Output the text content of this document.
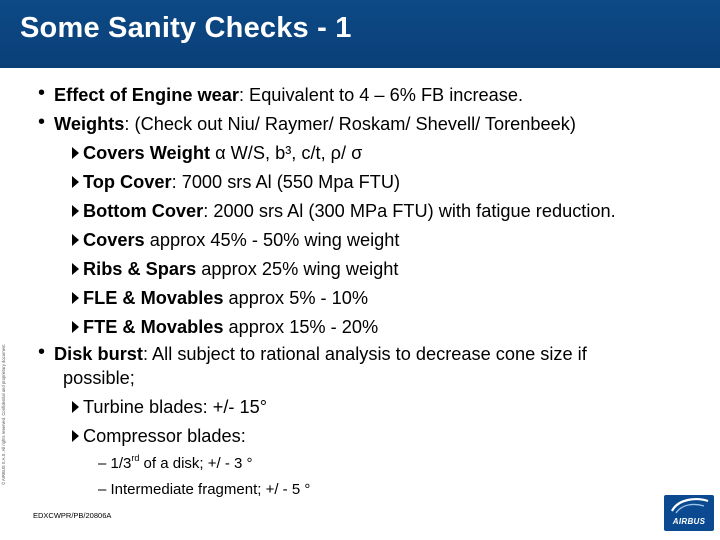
Some Sanity Checks - 1
© AIRBUS S.A.S. All rights reserved. Confidential and proprietary document.
• Effect of Engine wear: Equivalent to 4 – 6% FB increase.
• Weights: (Check out Niu/ Raymer/ Roskam/ Shevell/ Torenbeek)
Covers Weight α W/S, b³, c/t, ρ/ σ
Top Cover: 7000 srs Al (550 Mpa FTU)
Bottom Cover: 2000 srs Al (300 MPa FTU) with fatigue reduction.
Covers approx 45% - 50% wing weight
Ribs & Spars approx 25% wing weight
FLE & Movables approx 5% - 10%
FTE & Movables approx 15% - 20%
• Disk burst: All subject to rational analysis to decrease cone size if
possible;
Turbine blades: +/- 15°
Compressor blades:
– 1/3rd of a disk; +/ - 3 °
– Intermediate fragment; +/ - 5 °
EDXCWPR/PB/20806A
AIRBUS
